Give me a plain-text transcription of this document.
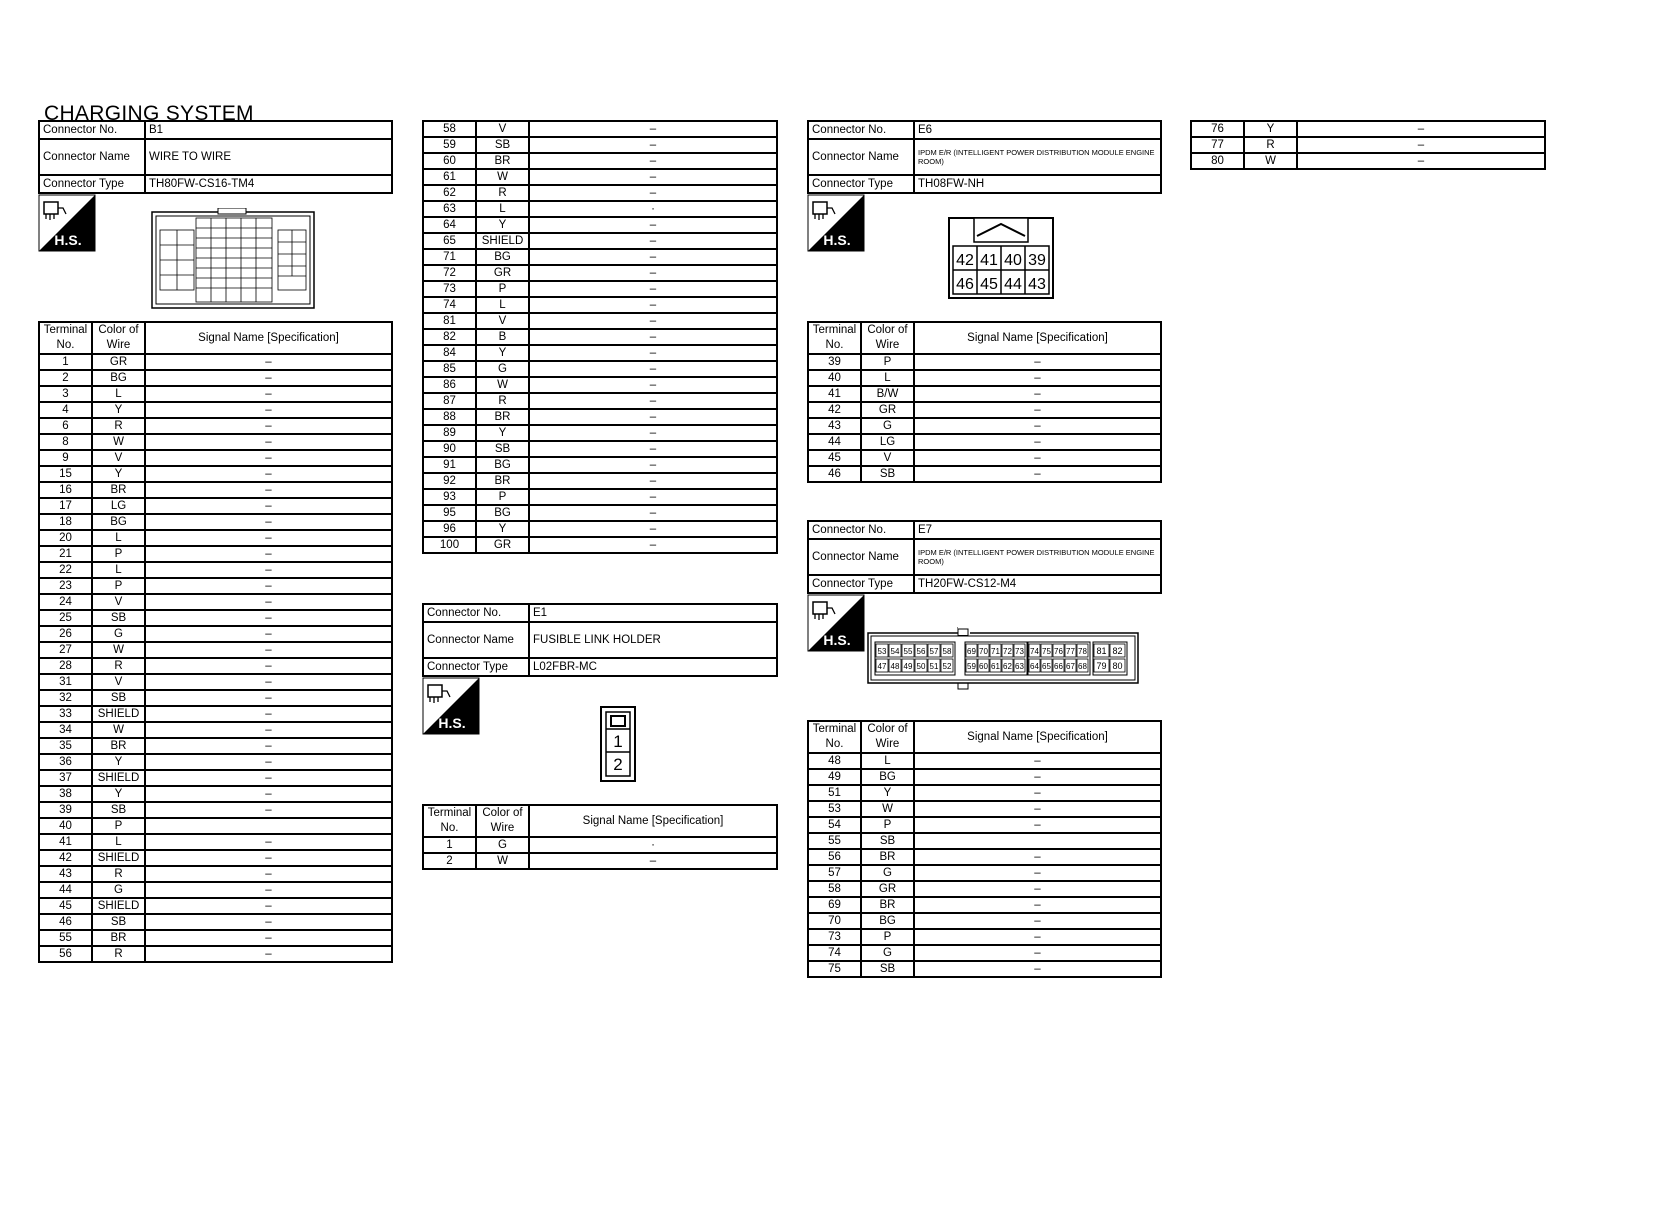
CHARGING SYSTEM
Connector No.	B1
Connector Name	WIRE TO WIRE
Connector Type	TH80FW-CS16-TM4
H.S.
Terminal No.	Color of Wire	Signal Name [Specification]
1	GR	–
2	BG	–
3	L	–
4	Y	–
6	R	–
8	W	–
9	V	–
15	Y	–
16	BR	–
17	LG	–
18	BG	–
20	L	–
21	P	–
22	L	–
23	P	–
24	V	–
25	SB	–
26	G	–
27	W	–
28	R	–
31	V	–
32	SB	–
33	SHIELD	–
34	W	–
35	BR	–
36	Y	–
37	SHIELD	–
38	Y	–
39	SB	–
40	P	
41	L	–
42	SHIELD	–
43	R	–
44	G	–
45	SHIELD	–
46	SB	–
55	BR	–
56	R	–
58	V	–
59	SB	–
60	BR	–
61	W	–
62	R	–
63	L	·
64	Y	–
65	SHIELD	–
71	BG	–
72	GR	–
73	P	–
74	L	–
81	V	–
82	B	–
84	Y	–
85	G	–
86	W	–
87	R	–
88	BR	–
89	Y	–
90	SB	–
91	BG	–
92	BR	–
93	P	–
95	BG	–
96	Y	–
100	GR	–
Connector No.	E1
Connector Name	FUSIBLE LINK HOLDER
Connector Type	L02FBR-MC
H.S.
1
2
Terminal No.	Color of Wire	Signal Name [Specification]
1	G	·
2	W	–
Connector No.	E6
Connector Name	IPDM E/R (INTELLIGENT POWER DISTRIBUTION MODULE ENGINE ROOM)
Connector Type	TH08FW-NH
H.S.
42 41 40 39
46 45 44 43
Terminal No.	Color of Wire	Signal Name [Specification]
39	P	–
40	L	–
41	B/W	–
42	GR	–
43	G	–
44	LG	–
45	V	–
46	SB	–
Connector No.	E7
Connector Name	IPDM E/R (INTELLIGENT POWER DISTRIBUTION MODULE ENGINE ROOM)
Connector Type	TH20FW-CS12-M4
H.S.
53 54 55 56 57 58
47 48 49 50 51 52
69 70 71 72 73
59 60 61 62 63
74 75 76 77 78
64 65 66 67 68
81 82
79 80
Terminal No.	Color of Wire	Signal Name [Specification]
48	L	–
49	BG	–
51	Y	–
53	W	–
54	P	–
55	SB	
56	BR	–
57	G	–
58	GR	–
69	BR	–
70	BG	–
73	P	–
74	G	–
75	SB	–
76	Y	–
77	R	–
80	W	–
